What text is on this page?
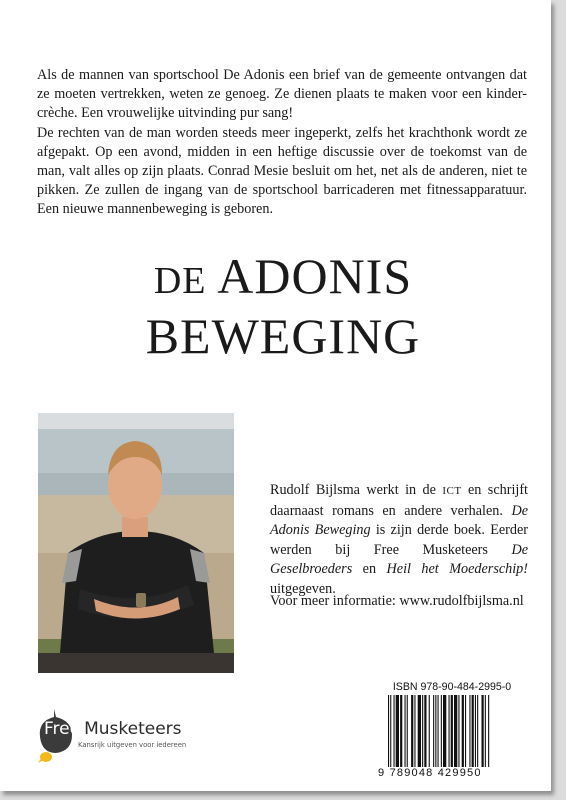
Als de mannen van sportschool De Adonis een brief van de gemeente ontvangen dat ze moeten vertrekken, weten ze genoeg. Ze dienen plaats te maken voor een kinder-crèche. Een vrouwelijke uitvinding pur sang!

De rechten van de man worden steeds meer ingeperkt, zelfs het krachthonk wordt ze afgepakt. Op een avond, midden in een heftige discussie over de toekomst van de man, valt alles op zijn plaats. Conrad Mesie besluit om het, net als de anderen, niet te pikken. Ze zullen de ingang van de sportschool barricaderen met fitnessapparatuur. Een nieuwe mannenbeweging is geboren.

DE ADONIS
BEWEGING

Rudolf Bijlsma werkt in de ICT en schrijft daarnaast romans en andere verhalen. De Adonis Beweging is zijn derde boek. Eerder werden bij Free Musketeers De Geselbroeders en Heil het Moederschip! uitgegeven.

Voor meer informatie: www.rudolfbijlsma.nl
Free Musketeers
Kansrijk uitgeven voor iedereen
ISBN 978-90-484-2995-0
9 789048 429950
